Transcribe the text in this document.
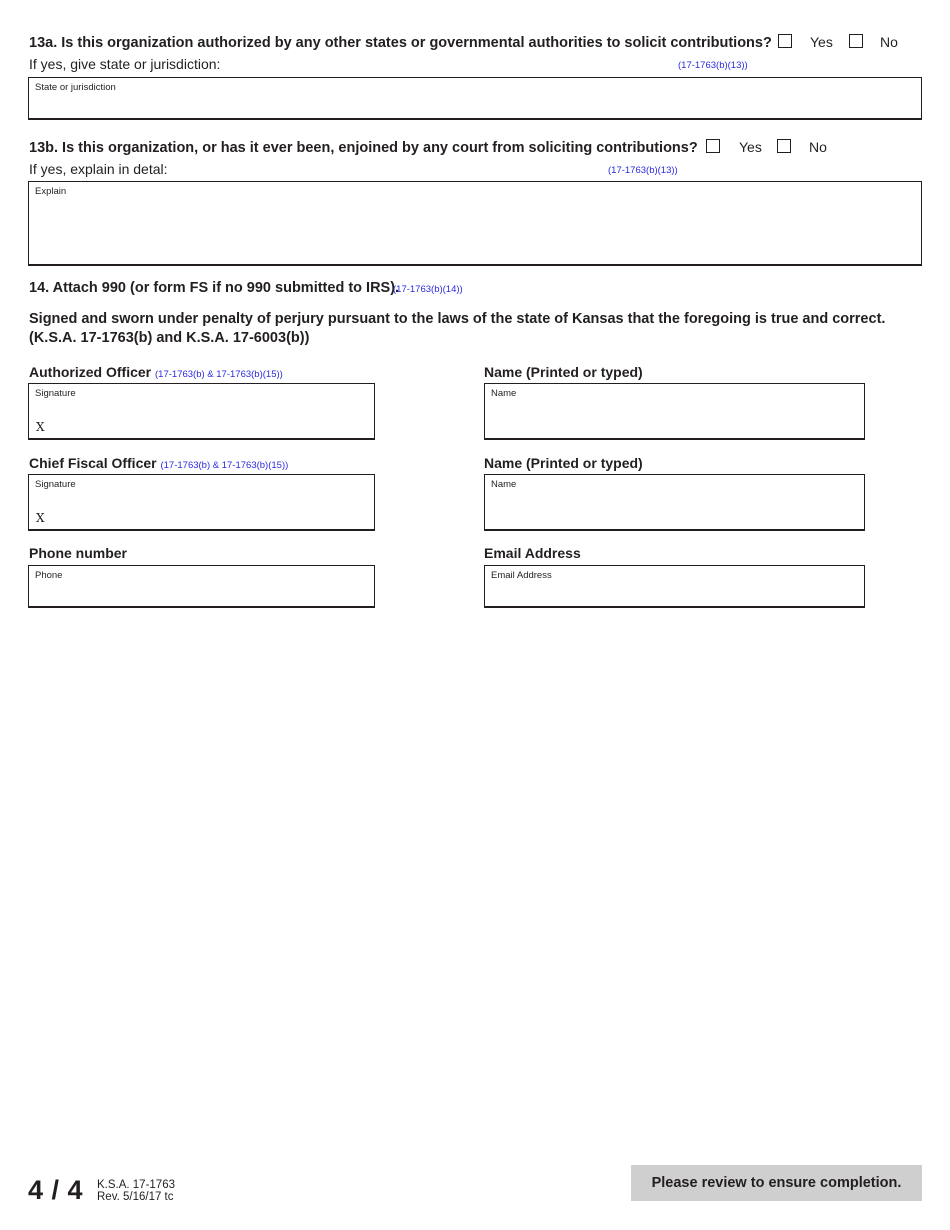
13a. Is this organization authorized by any other states or governmental authorities to solicit contributions?	Yes	No
If yes, give state or jurisdiction:	(17-1763(b)(13))
State or jurisdiction
13b. Is this organization, or has it ever been, enjoined by any court from soliciting contributions?	Yes	No
If yes, explain in detal:	(17-1763(b)(13))
Explain
14. Attach 990 (or form FS if no 990 submitted to IRS).
(17-1763(b)(14))
Signed and sworn under penalty of perjury pursuant to the laws of the state of Kansas that the foregoing is true and correct.
(K.S.A. 17-1763(b) and K.S.A. 17-6003(b))
Authorized Officer (17-1763(b) & 17-1763(b)(15))
Signature
X
Name (Printed or typed)
Name
Chief Fiscal Officer (17-1763(b) & 17-1763(b)(15))
Signature
X
Name (Printed or typed)
Name
Phone number
Phone
Email Address
Email Address
4 / 4 K.S.A. 17-1763
Rev. 5/16/17 tc
Please review to ensure completion.
